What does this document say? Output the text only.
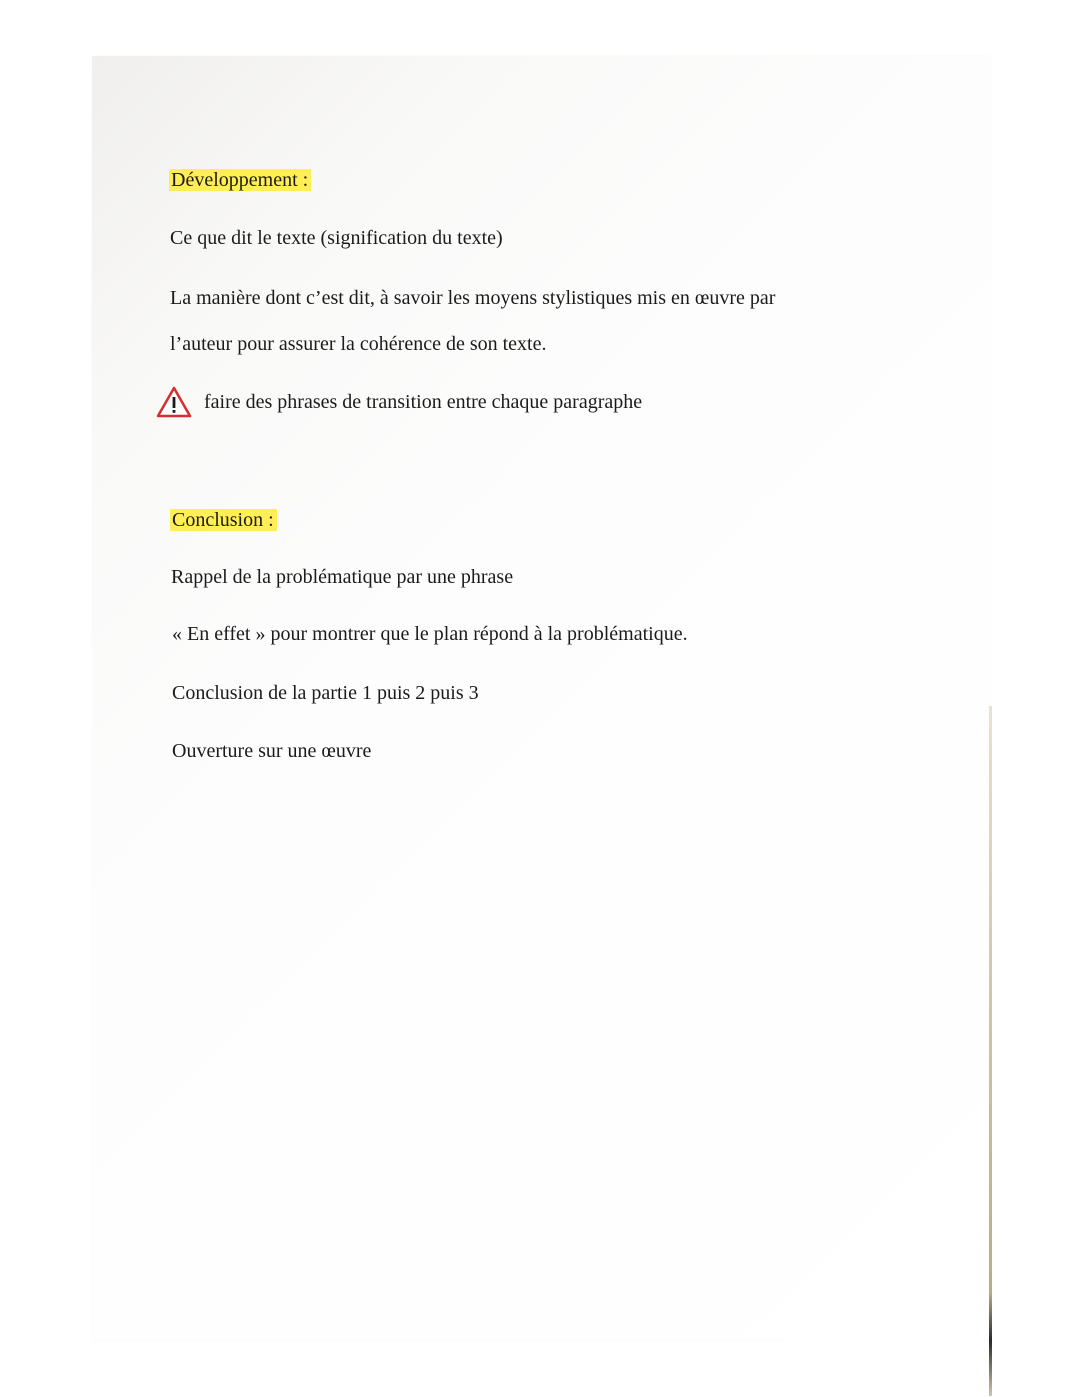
Développement :
Ce que dit le texte (signification du texte)
La manière dont c’est dit, à savoir les moyens stylistiques mis en œuvre par
l’auteur pour assurer la cohérence de son texte.
faire des phrases de transition entre chaque paragraphe
Conclusion :
Rappel de la problématique par une phrase
« En effet » pour montrer que le plan répond à la problématique.
Conclusion de la partie 1 puis 2 puis 3
Ouverture sur une œuvre
